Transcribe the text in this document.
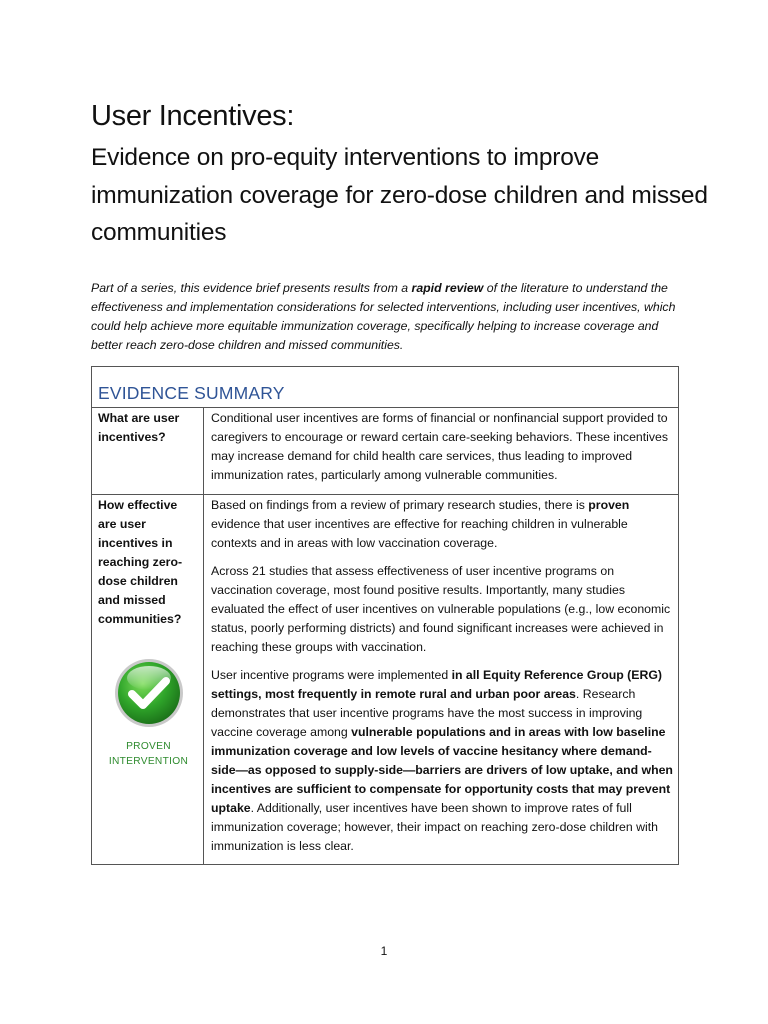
User Incentives:
Evidence on pro-equity interventions to improve immunization coverage for zero-dose children and missed communities

Part of a series, this evidence brief presents results from a rapid review of the literature to understand the effectiveness and implementation considerations for selected interventions, including user incentives, which could help achieve more equitable immunization coverage, specifically helping to increase coverage and better reach zero-dose children and missed communities.

EVIDENCE SUMMARY
What are user incentives?

Conditional user incentives are forms of financial or nonfinancial support provided to caregivers to encourage or reward certain care-seeking behaviors. These incentives may increase demand for child health care services, thus leading to improved immunization rates, particularly among vulnerable communities.

How effective are user incentives in reaching zero-dose children and missed communities?
PROVEN
INTERVENTION

Based on findings from a review of primary research studies, there is proven evidence that user incentives are effective for reaching children in vulnerable contexts and in areas with low vaccination coverage.

Across 21 studies that assess effectiveness of user incentive programs on vaccination coverage, most found positive results. Importantly, many studies evaluated the effect of user incentives on vulnerable populations (e.g., low economic status, poorly performing districts) and found significant increases were achieved in reaching these groups with vaccination.

User incentive programs were implemented in all Equity Reference Group (ERG) settings, most frequently in remote rural and urban poor areas. Research demonstrates that user incentive programs have the most success in improving vaccine coverage among vulnerable populations and in areas with low baseline immunization coverage and low levels of vaccine hesitancy where demand-side—as opposed to supply-side—barriers are drivers of low uptake, and when incentives are sufficient to compensate for opportunity costs that may prevent uptake. Additionally, user incentives have been shown to improve rates of full immunization coverage; however, their impact on reaching zero-dose children with immunization is less clear.

1
